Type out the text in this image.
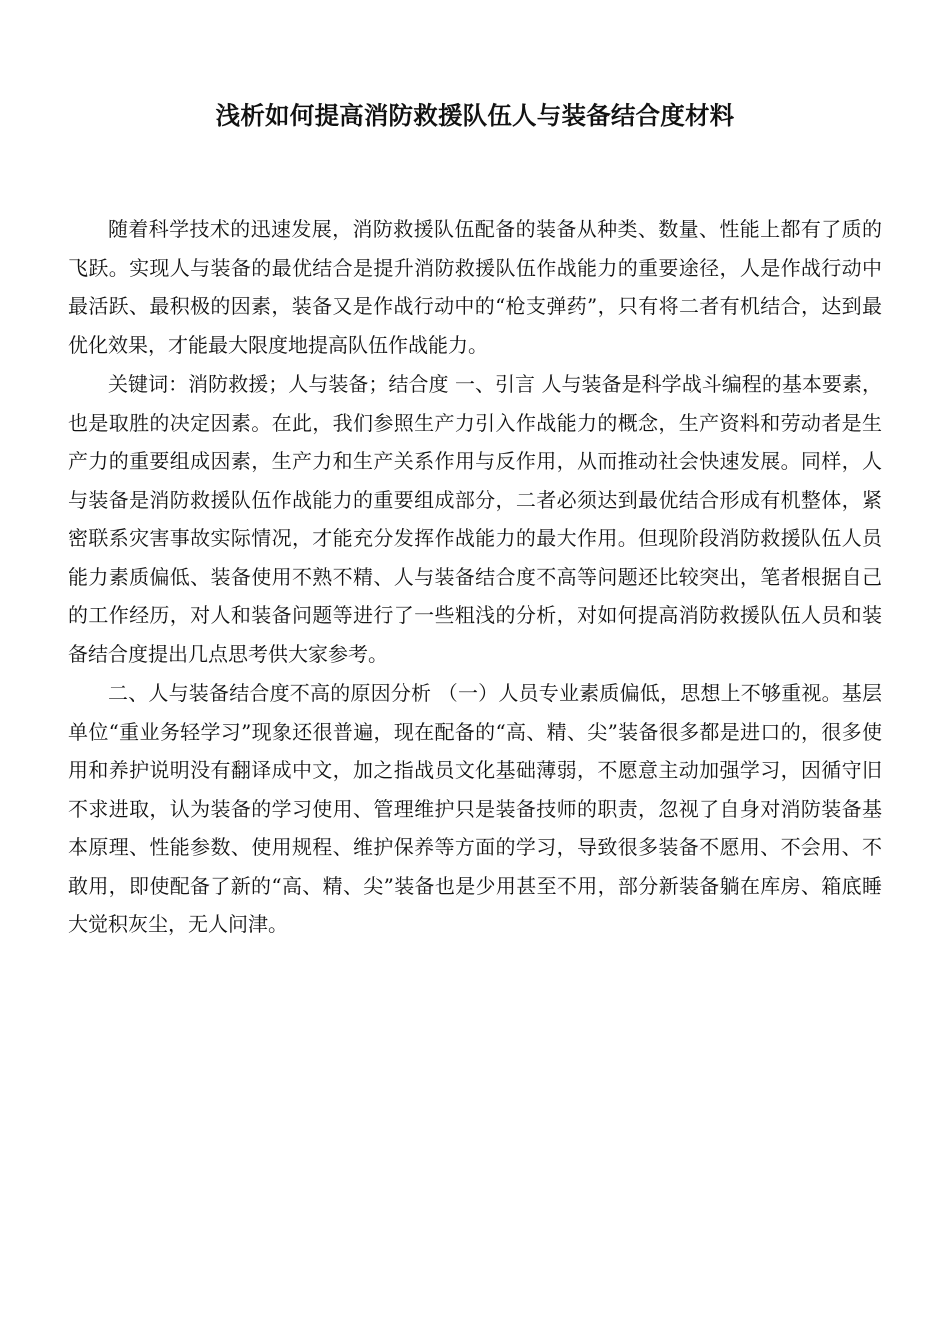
浅析如何提高消防救援队伍人与装备结合度材料

随着科学技术的迅速发展，消防救援队伍配备的装备从种类、数量、性能上都有了质的飞跃。实现人与装备的最优结合是提升消防救援队伍作战能力的重要途径，人是作战行动中最活跃、最积极的因素，装备又是作战行动中的“枪支弹药”，只有将二者有机结合，达到最优化效果，才能最大限度地提高队伍作战能力。

关键词：消防救援；人与装备；结合度 一、引言 人与装备是科学战斗编程的基本要素，也是取胜的决定因素。在此，我们参照生产力引入作战能力的概念，生产资料和劳动者是生产力的重要组成因素，生产力和生产关系作用与反作用，从而推动社会快速发展。同样，人与装备是消防救援队伍作战能力的重要组成部分，二者必须达到最优结合形成有机整体，紧密联系灾害事故实际情况，才能充分发挥作战能力的最大作用。但现阶段消防救援队伍人员能力素质偏低、装备使用不熟不精、人与装备结合度不高等问题还比较突出，笔者根据自己的工作经历，对人和装备问题等进行了一些粗浅的分析，对如何提高消防救援队伍人员和装备结合度提出几点思考供大家参考。

二、人与装备结合度不高的原因分析 （一）人员专业素质偏低，思想上不够重视。基层单位“重业务轻学习”现象还很普遍，现在配备的“高、精、尖”装备很多都是进口的，很多使用和养护说明没有翻译成中文，加之指战员文化基础薄弱，不愿意主动加强学习，因循守旧不求进取，认为装备的学习使用、管理维护只是装备技师的职责，忽视了自身对消防装备基本原理、性能参数、使用规程、维护保养等方面的学习，导致很多装备不愿用、不会用、不敢用，即使配备了新的“高、精、尖”装备也是少用甚至不用，部分新装备躺在库房、箱底睡大觉积灰尘，无人问津。
